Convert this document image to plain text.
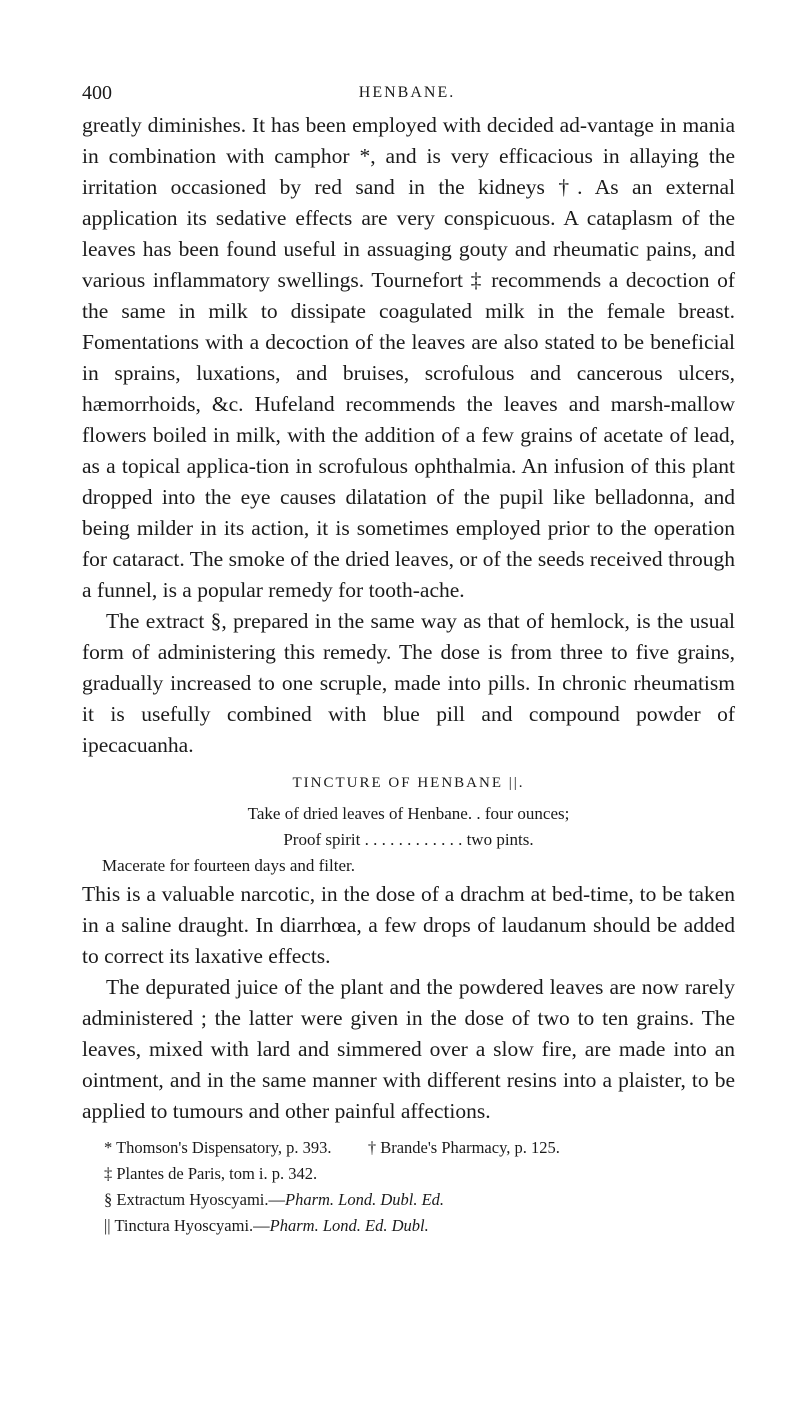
400	HENBANE.

greatly diminishes. It has been employed with decided ad-vantage in mania in combination with camphor *, and is very efficacious in allaying the irritation occasioned by red sand in the kidneys †. As an external application its sedative effects are very conspicuous. A cataplasm of the leaves has been found useful in assuaging gouty and rheumatic pains, and various inflammatory swellings. Tournefort ‡ recommends a decoction of the same in milk to dissipate coagulated milk in the female breast. Fomentations with a decoction of the leaves are also stated to be beneficial in sprains, luxations, and bruises, scrofulous and cancerous ulcers, hæmorrhoids, &c. Hufeland recommends the leaves and marsh-mallow flowers boiled in milk, with the addition of a few grains of acetate of lead, as a topical applica-tion in scrofulous ophthalmia. An infusion of this plant dropped into the eye causes dilatation of the pupil like belladonna, and being milder in its action, it is sometimes employed prior to the operation for cataract. The smoke of the dried leaves, or of the seeds received through a funnel, is a popular remedy for tooth-ache.

The extract §, prepared in the same way as that of hemlock, is the usual form of administering this remedy. The dose is from three to five grains, gradually increased to one scruple, made into pills. In chronic rheumatism it is usefully combined with blue pill and compound powder of ipecacuanha.

TINCTURE OF HENBANE ||.

Take of dried leaves of Henbane. . four ounces;

Proof spirit . . . . . . . . . . . . two pints.

Macerate for fourteen days and filter.

This is a valuable narcotic, in the dose of a drachm at bed-time, to be taken in a saline draught. In diarrhœa, a few drops of laudanum should be added to correct its laxative effects.

The depurated juice of the plant and the powdered leaves are now rarely administered ; the latter were given in the dose of two to ten grains. The leaves, mixed with lard and simmered over a slow fire, are made into an ointment, and in the same manner with different resins into a plaister, to be applied to tumours and other painful affections.

* Thomson's Dispensatory, p. 393. † Brande's Pharmacy, p. 125.

‡ Plantes de Paris, tom i. p. 342.

§ Extractum Hyoscyami.—Pharm. Lond. Dubl. Ed.

|| Tinctura Hyoscyami.—Pharm. Lond. Ed. Dubl.
